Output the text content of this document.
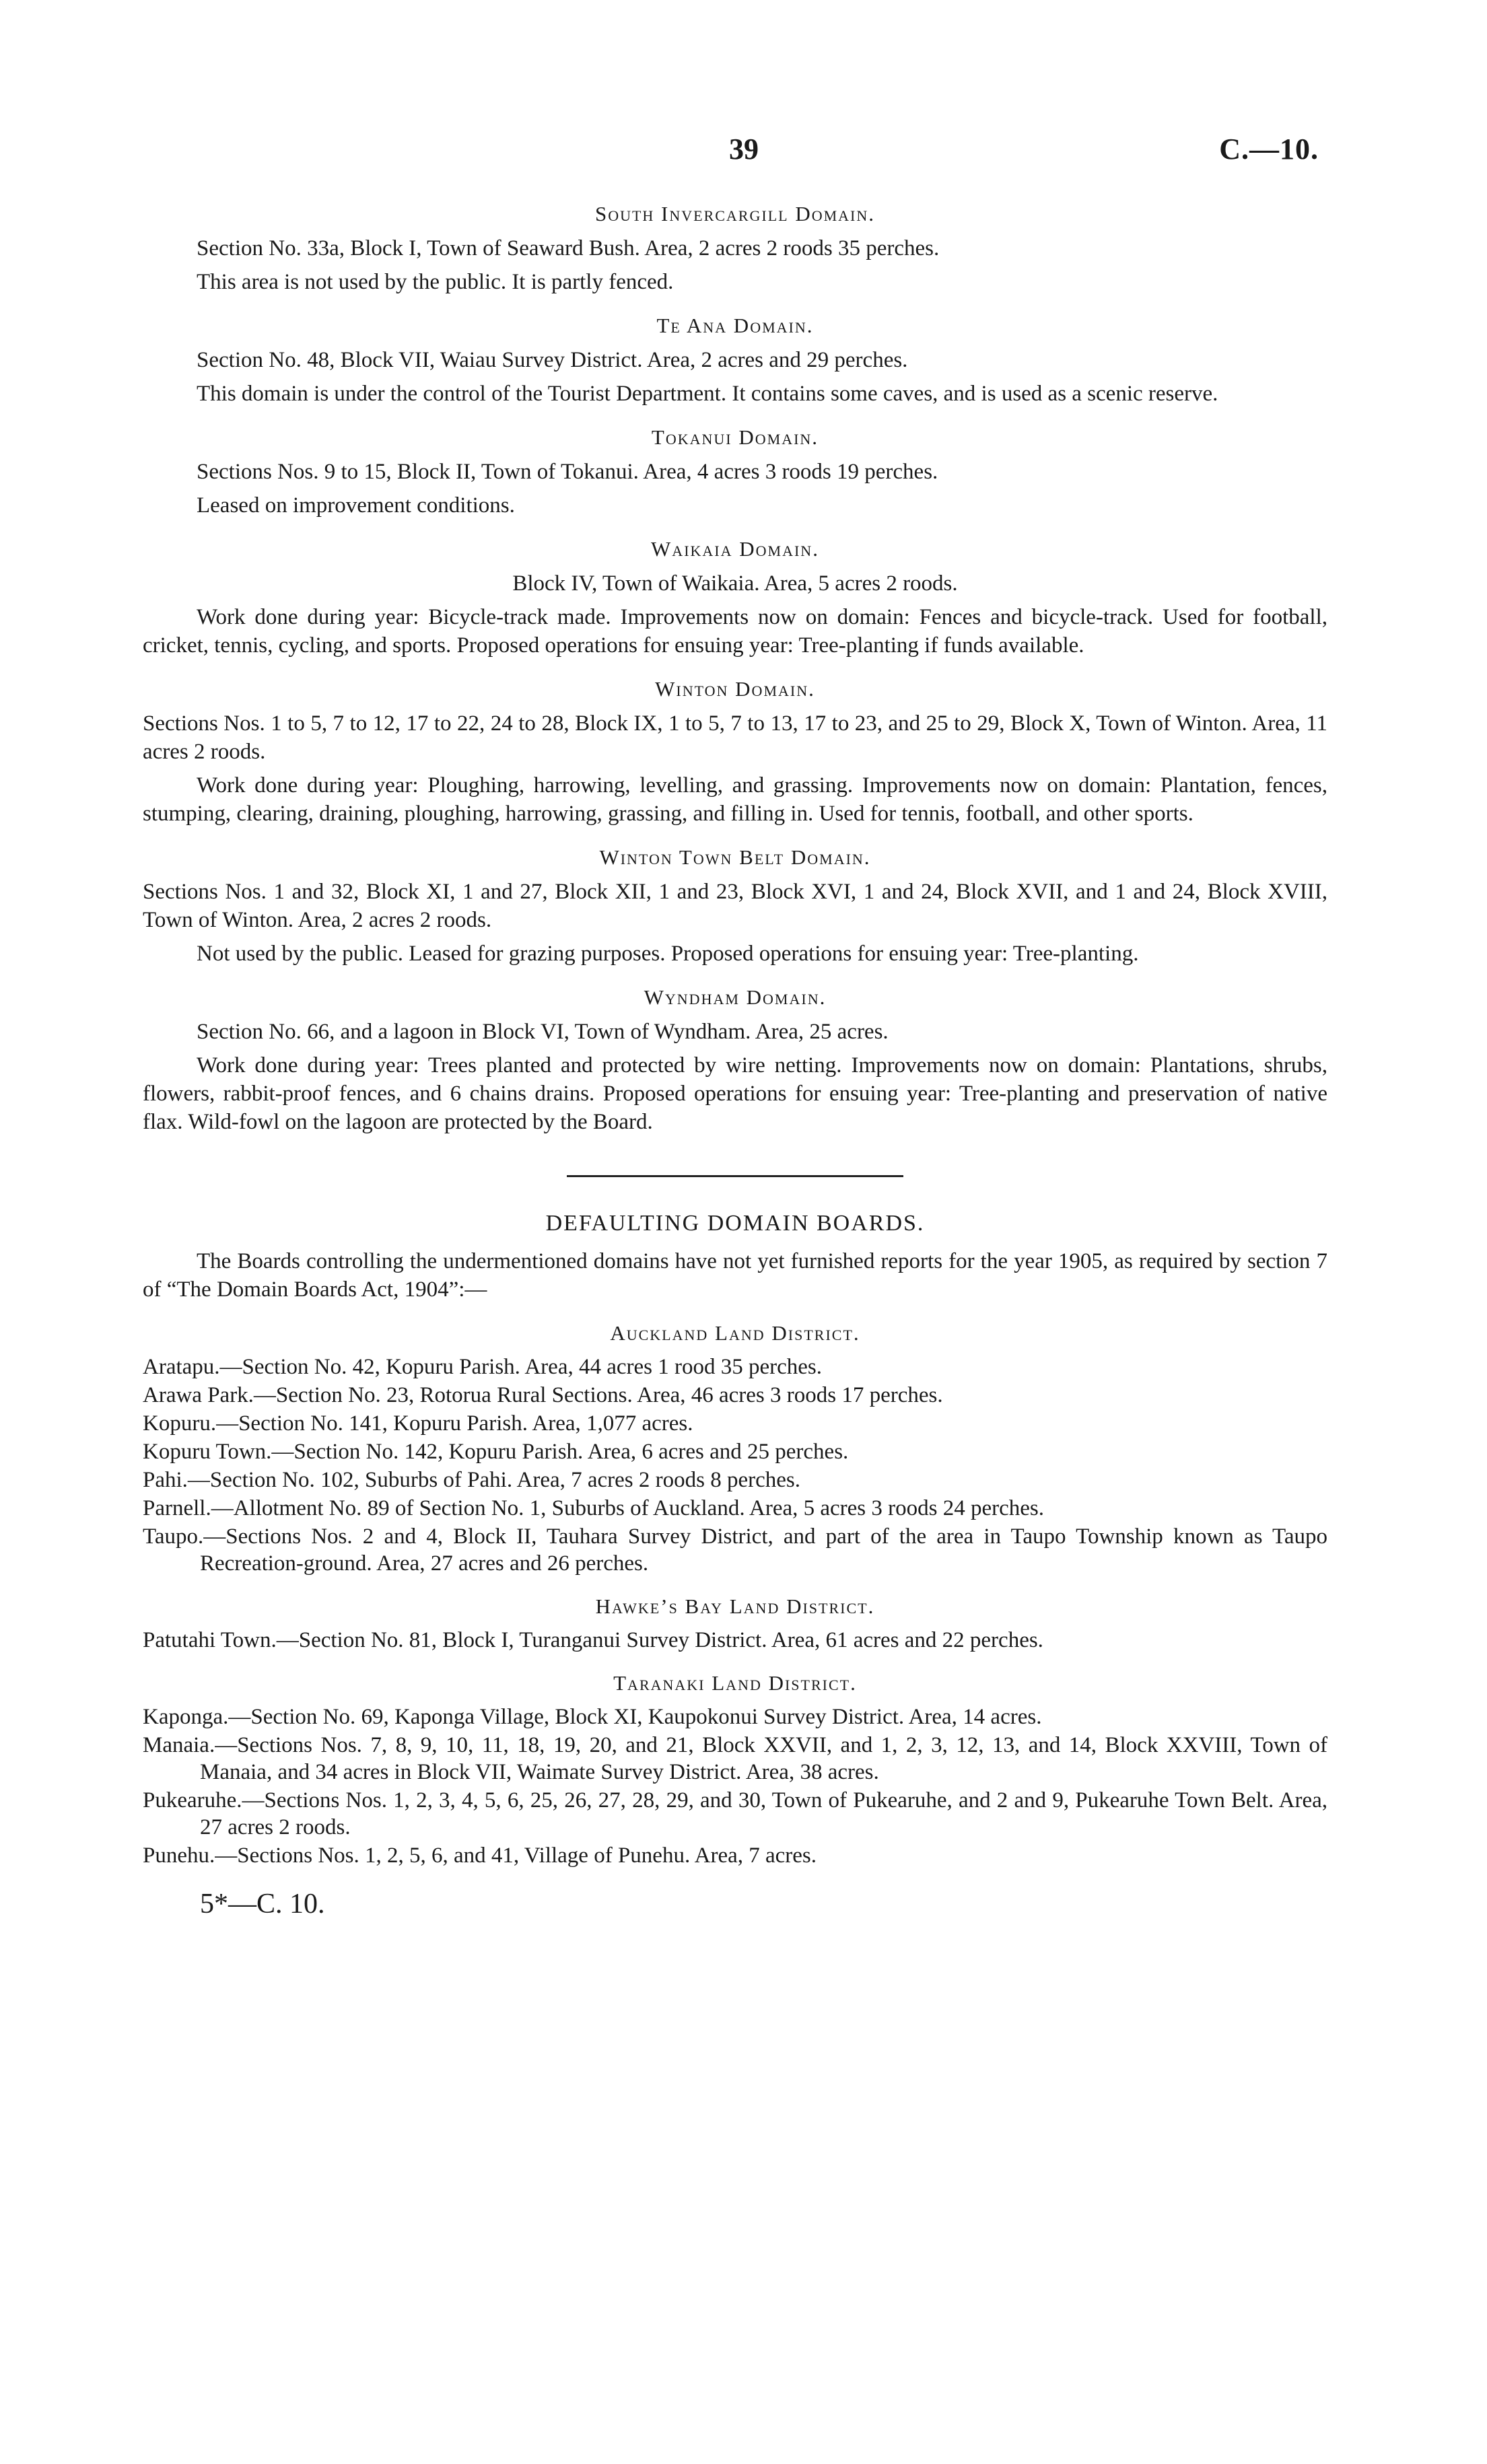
39	C.—10.
South Invercargill Domain.

Section No. 33a, Block I, Town of Seaward Bush. Area, 2 acres 2 roods 35 perches.

This area is not used by the public. It is partly fenced.

Te Ana Domain.

Section No. 48, Block VII, Waiau Survey District. Area, 2 acres and 29 perches.

This domain is under the control of the Tourist Department. It contains some caves, and is used as a scenic reserve.

Tokanui Domain.

Sections Nos. 9 to 15, Block II, Town of Tokanui. Area, 4 acres 3 roods 19 perches.

Leased on improvement conditions.

Waikaia Domain.

Block IV, Town of Waikaia. Area, 5 acres 2 roods.

Work done during year: Bicycle-track made. Improvements now on domain: Fences and bicycle-track. Used for football, cricket, tennis, cycling, and sports. Proposed operations for ensuing year: Tree-planting if funds available.

Winton Domain.

Sections Nos. 1 to 5, 7 to 12, 17 to 22, 24 to 28, Block IX, 1 to 5, 7 to 13, 17 to 23, and 25 to 29, Block X, Town of Winton. Area, 11 acres 2 roods.

Work done during year: Ploughing, harrowing, levelling, and grassing. Improvements now on domain: Plantation, fences, stumping, clearing, draining, ploughing, harrowing, grassing, and filling in. Used for tennis, football, and other sports.

Winton Town Belt Domain.

Sections Nos. 1 and 32, Block XI, 1 and 27, Block XII, 1 and 23, Block XVI, 1 and 24, Block XVII, and 1 and 24, Block XVIII, Town of Winton. Area, 2 acres 2 roods.

Not used by the public. Leased for grazing purposes. Proposed operations for ensuing year: Tree-planting.

Wyndham Domain.

Section No. 66, and a lagoon in Block VI, Town of Wyndham. Area, 25 acres.

Work done during year: Trees planted and protected by wire netting. Improvements now on domain: Plantations, shrubs, flowers, rabbit-proof fences, and 6 chains drains. Proposed operations for ensuing year: Tree-planting and preservation of native flax. Wild-fowl on the lagoon are protected by the Board.

DEFAULTING DOMAIN BOARDS.

The Boards controlling the undermentioned domains have not yet furnished reports for the year 1905, as required by section 7 of “The Domain Boards Act, 1904”:—

Auckland Land District.

Aratapu.—Section No. 42, Kopuru Parish. Area, 44 acres 1 rood 35 perches.

Arawa Park.—Section No. 23, Rotorua Rural Sections. Area, 46 acres 3 roods 17 perches.

Kopuru.—Section No. 141, Kopuru Parish. Area, 1,077 acres.

Kopuru Town.—Section No. 142, Kopuru Parish. Area, 6 acres and 25 perches.

Pahi.—Section No. 102, Suburbs of Pahi. Area, 7 acres 2 roods 8 perches.

Parnell.—Allotment No. 89 of Section No. 1, Suburbs of Auckland. Area, 5 acres 3 roods 24 perches.

Taupo.—Sections Nos. 2 and 4, Block II, Tauhara Survey District, and part of the area in Taupo Township known as Taupo Recreation-ground. Area, 27 acres and 26 perches.

Hawke’s Bay Land District.

Patutahi Town.—Section No. 81, Block I, Turanganui Survey District. Area, 61 acres and 22 perches.

Taranaki Land District.

Kaponga.—Section No. 69, Kaponga Village, Block XI, Kaupokonui Survey District. Area, 14 acres.

Manaia.—Sections Nos. 7, 8, 9, 10, 11, 18, 19, 20, and 21, Block XXVII, and 1, 2, 3, 12, 13, and 14, Block XXVIII, Town of Manaia, and 34 acres in Block VII, Waimate Survey District. Area, 38 acres.

Pukearuhe.—Sections Nos. 1, 2, 3, 4, 5, 6, 25, 26, 27, 28, 29, and 30, Town of Pukearuhe, and 2 and 9, Pukearuhe Town Belt. Area, 27 acres 2 roods.

Punehu.—Sections Nos. 1, 2, 5, 6, and 41, Village of Punehu. Area, 7 acres.

5*—C. 10.
